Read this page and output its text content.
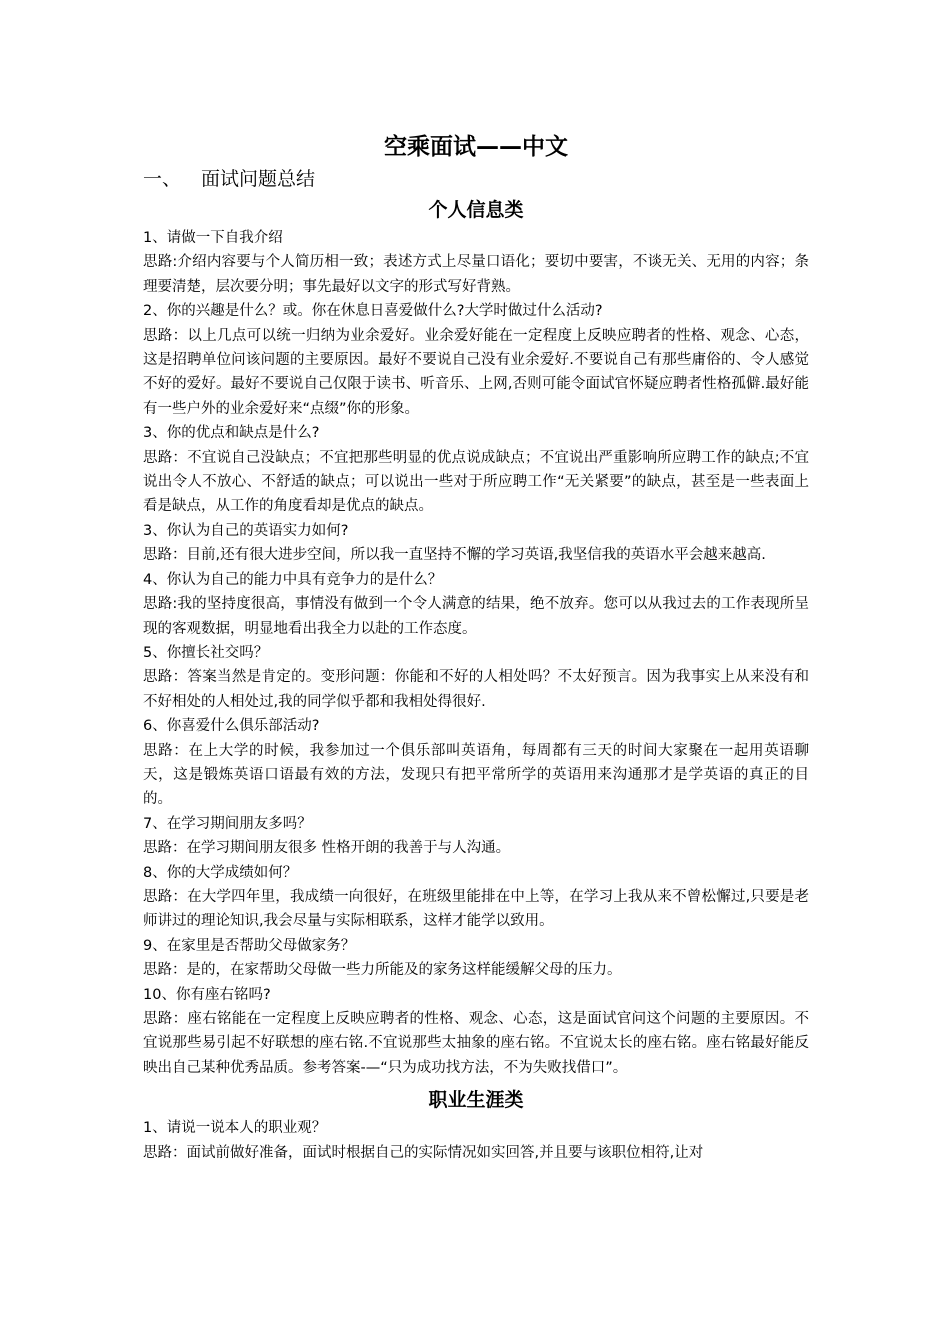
空乘面试——中文
一、 面试问题总结
个人信息类

1、请做一下自我介绍

思路:介绍内容要与个人简历相一致；表述方式上尽量口语化；要切中要害，不谈无关、无用的内容；条理要清楚，层次要分明；事先最好以文字的形式写好背熟。

2、你的兴趣是什么？或。你在休息日喜爱做什么?大学时做过什么活动?

思路：以上几点可以统一归纳为业余爱好。业余爱好能在一定程度上反映应聘者的性格、观念、心态，这是招聘单位问该问题的主要原因。最好不要说自己没有业余爱好.不要说自己有那些庸俗的、令人感觉不好的爱好。最好不要说自己仅限于读书、听音乐、上网,否则可能令面试官怀疑应聘者性格孤僻.最好能有一些户外的业余爱好来“点缀”你的形象。

3、你的优点和缺点是什么?

思路：不宜说自己没缺点；不宜把那些明显的优点说成缺点；不宜说出严重影响所应聘工作的缺点;不宜说出令人不放心、不舒适的缺点；可以说出一些对于所应聘工作“无关紧要”的缺点，甚至是一些表面上看是缺点，从工作的角度看却是优点的缺点。

3、你认为自己的英语实力如何?

思路：目前,还有很大进步空间，所以我一直坚持不懈的学习英语,我坚信我的英语水平会越来越高.

4、你认为自己的能力中具有竞争力的是什么？

思路:我的坚持度很高，事情没有做到一个令人满意的结果，绝不放弃。您可以从我过去的工作表现所呈现的客观数据，明显地看出我全力以赴的工作态度。

5、你擅长社交吗？

思路：答案当然是肯定的。变形问题：你能和不好的人相处吗？不太好预言。因为我事实上从来没有和不好相处的人相处过,我的同学似乎都和我相处得很好.

6、你喜爱什么俱乐部活动?

思路：在上大学的时候，我参加过一个俱乐部叫英语角，每周都有三天的时间大家聚在一起用英语聊天，这是锻炼英语口语最有效的方法，发现只有把平常所学的英语用来沟通那才是学英语的真正的目的。

7、在学习期间朋友多吗？

思路：在学习期间朋友很多 性格开朗的我善于与人沟通。

8、你的大学成绩如何？

思路：在大学四年里，我成绩一向很好，在班级里能排在中上等，在学习上我从来不曾松懈过,只要是老师讲过的理论知识,我会尽量与实际相联系，这样才能学以致用。

9、在家里是否帮助父母做家务？

思路：是的，在家帮助父母做一些力所能及的家务这样能缓解父母的压力。

10、你有座右铭吗?

思路：座右铭能在一定程度上反映应聘者的性格、观念、心态，这是面试官问这个问题的主要原因。不宜说那些易引起不好联想的座右铭.不宜说那些太抽象的座右铭。不宜说太长的座右铭。座右铭最好能反映出自己某种优秀品质。参考答案-—“只为成功找方法，不为失败找借口”。

职业生涯类

1、请说一说本人的职业观？

思路：面试前做好准备，面试时根据自己的实际情况如实回答,并且要与该职位相符,让对
